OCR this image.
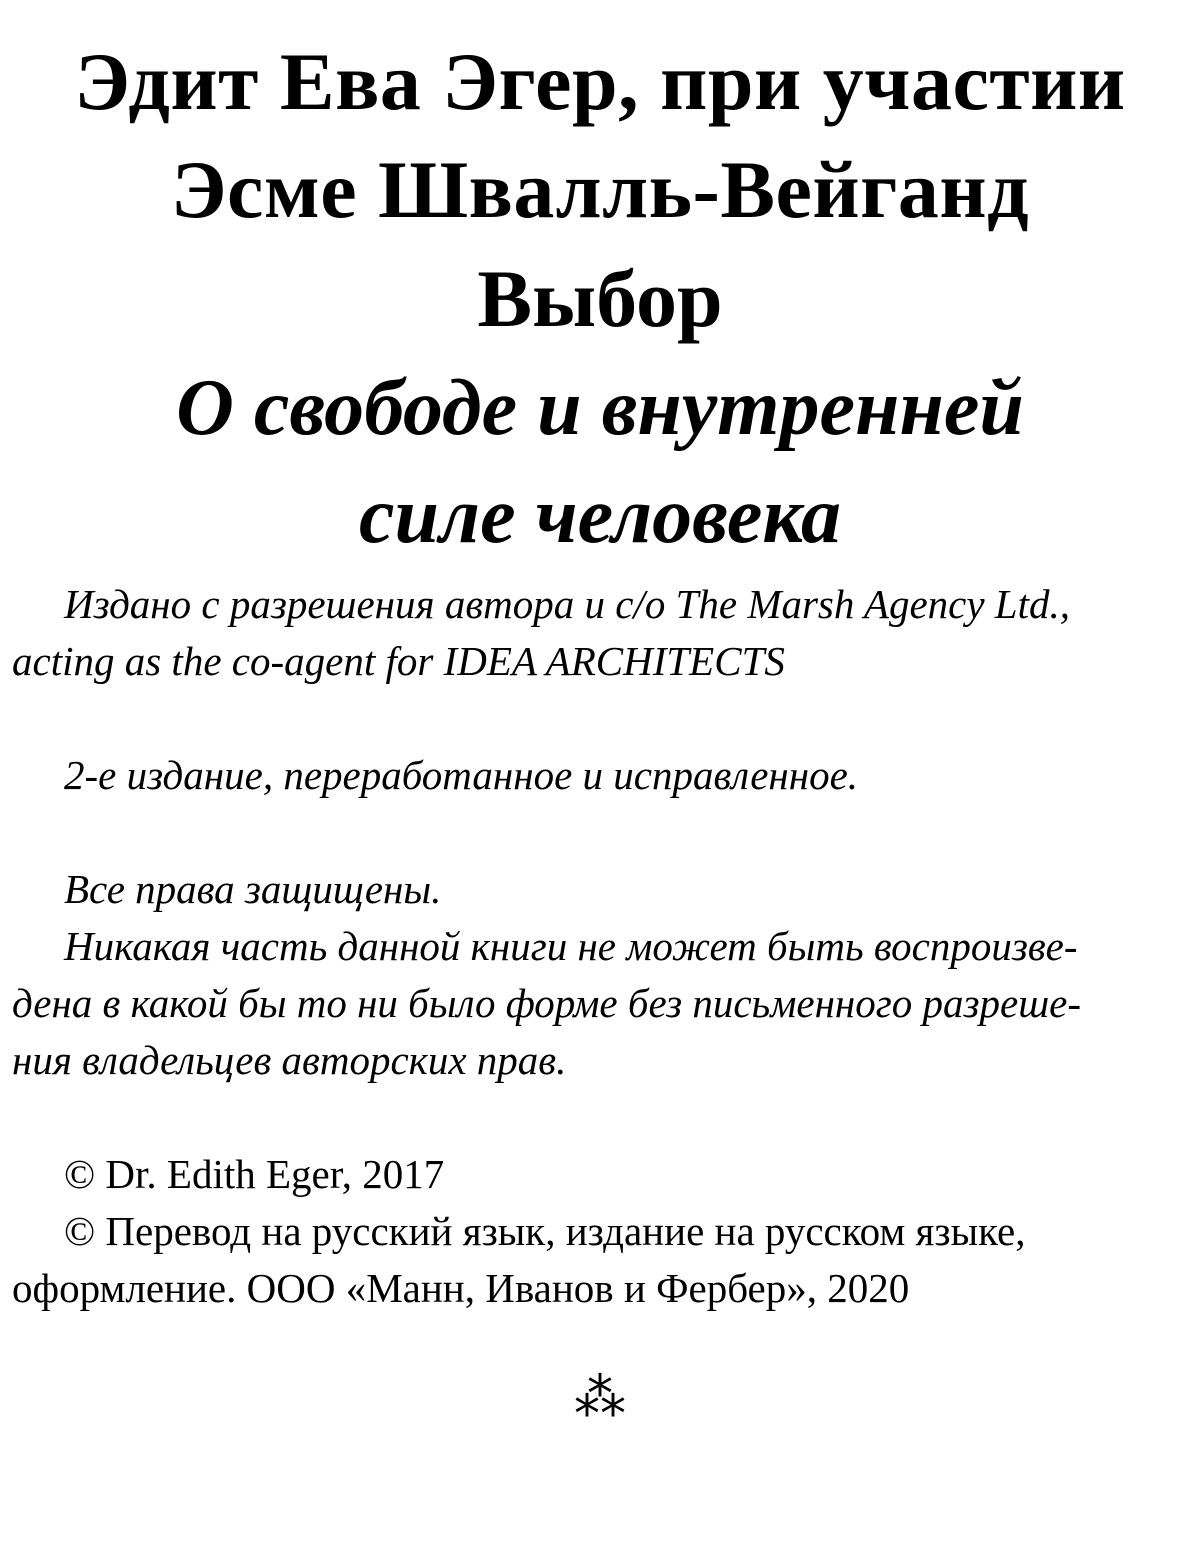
Эдит Ева Эгер, при участии
Эсме Швалль-Вейганд
Выбор
О свободе и внутренней
силе человека

Издано с разрешения автора и c/o The Marsh Agency Ltd.,
acting as the co-agent for IDEA ARCHITECTS

2-е издание, переработанное и исправленное.

Все права защищены.

Никакая часть данной книги не может быть воспроизве-
дена в какой бы то ни было форме без письменного разреше-
ния владельцев авторских прав.

© Dr. Edith Eger, 2017

© Перевод на русский язык, издание на русском языке,
оформление. ООО «Манн, Иванов и Фербер», 2020

⁂
